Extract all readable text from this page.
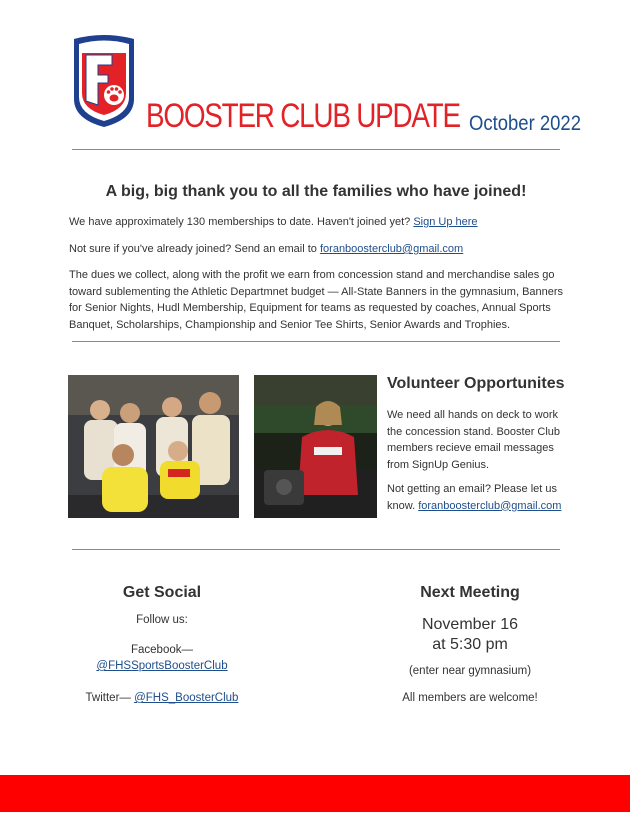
BOOSTER CLUB UPDATE October 2022
A big, big thank you to all the families who have joined!
We have approximately 130 memberships to date. Haven't joined yet? Sign Up here
Not sure if you've already joined? Send an email to foranboosterclub@gmail.com
The dues we collect, along with the profit we earn from concession stand and merchandise sales go toward sublementing the Athletic Departmnet budget — All-State Banners in the gymnasium, Banners for Senior Nights, Hudl Membership, Equipment for teams as requested by coaches, Annual Sports Banquet, Scholarships, Championship and Senior Tee Shirts, Senior Awards and Trophies.
Volunteer Opportunites
We need all hands on deck to work the concession stand. Booster Club members recieve email messages from SignUp Genius.
Not getting an email? Please let us know. foranboosterclub@gmail.com
Get Social
Follow us:
Facebook—
@FHSSportsBoosterClub
Twitter— @FHS_BoosterClub
Next Meeting
November 16
at 5:30 pm
(enter near gymnasium)
All members are welcome!
